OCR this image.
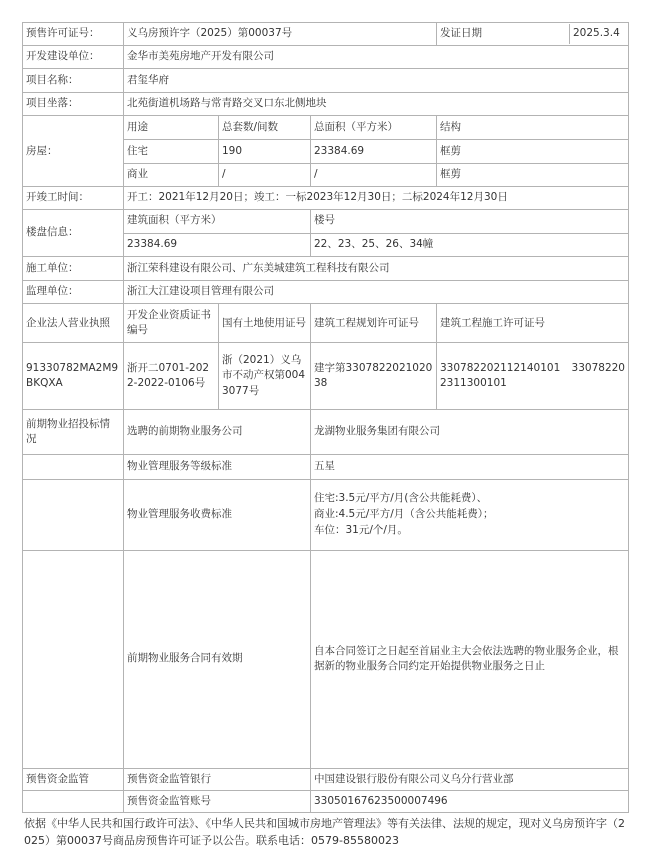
预售许可证号：	义乌房预许字（2025）第00037号			发证日期 2025.3.4

开发建设单位：	金华市美苑房地产开发有限公司			
项目名称：	君玺华府			
项目坐落：	北苑街道机场路与常青路交叉口东北侧地块			
房屋：	用途	总套数/间数	总面积（平方米）	结构
	住宅	190	23384.69	框剪
	商业	/	/	框剪
开竣工时间：	开工：2021年12月20日；竣工：一标2023年12月30日；二标2024年12月30日			
楼盘信息：	建筑面积（平方米）		楼号	
	23384.69		22、23、25、26、34幢	
施工单位：	浙江荣科建设有限公司、广东美城建筑工程科技有限公司			
监理单位：	浙江大江建设项目管理有限公司			
企业法人营业执照	开发企业资质证书编号	国有土地使用证号	建筑工程规划许可证号	建筑工程施工许可证号
91330782MA2M9BKQXA	浙开二0701-2022-2022-0106号	浙（2021）义乌市不动产权第0043077号	建字第330782202102038	330782202112140101　330782202311300101
前期物业招投标情况	选聘的前期物业服务公司		龙湖物业服务集团有限公司	
	物业管理服务等级标准		五星	
	物业管理服务收费标准		住宅:3.5元/平方/月(含公共能耗费）、
商业:4.5元/平方/月（含公共能耗费）；
车位：31元/个/月。	

	前期物业服务合同有效期		自本合同签订之日起至首届业主大会依法选聘的物业服务企业，根据新的物业服务合同约定开始提供物业服务之日止	
预售资金监管	预售资金监管银行		中国建设银行股份有限公司义乌分行营业部	
	预售资金监管账号		33050167623500007496	
依据《中华人民共和国行政许可法》、《中华人民共和国城市房地产管理法》等有关法律、法规的规定，现对义乌房预许字（2025）第00037号商品房预售许可证予以公告。联系电话：0579-85580023
